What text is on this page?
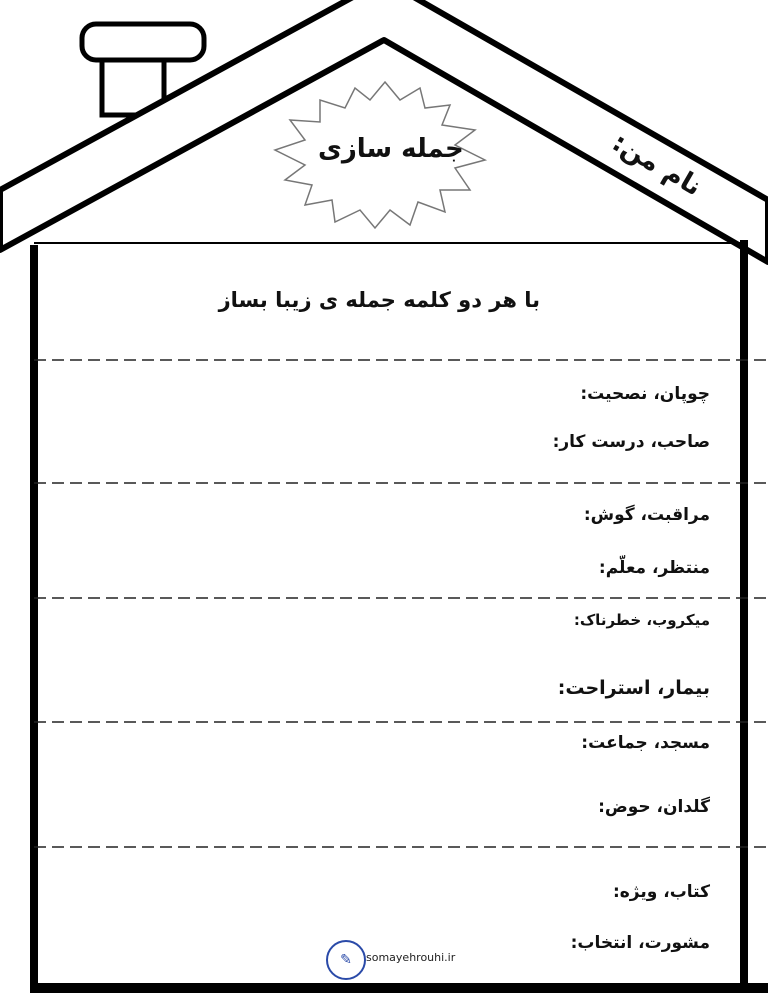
جمله سازی	نام من:
با هر دو کلمه جمله ی زیبا بساز
چوپان، نصحیت:
صاحب، درست کار:
مراقبت، گوش:
منتظر، معلّم:
میکروب، خطرناک:
بیمار، استراحت:
مسجد، جماعت:
گلدان، حوض:
کتاب، ویژه:
مشورت، انتخاب:
✎	somayehrouhi.ir
